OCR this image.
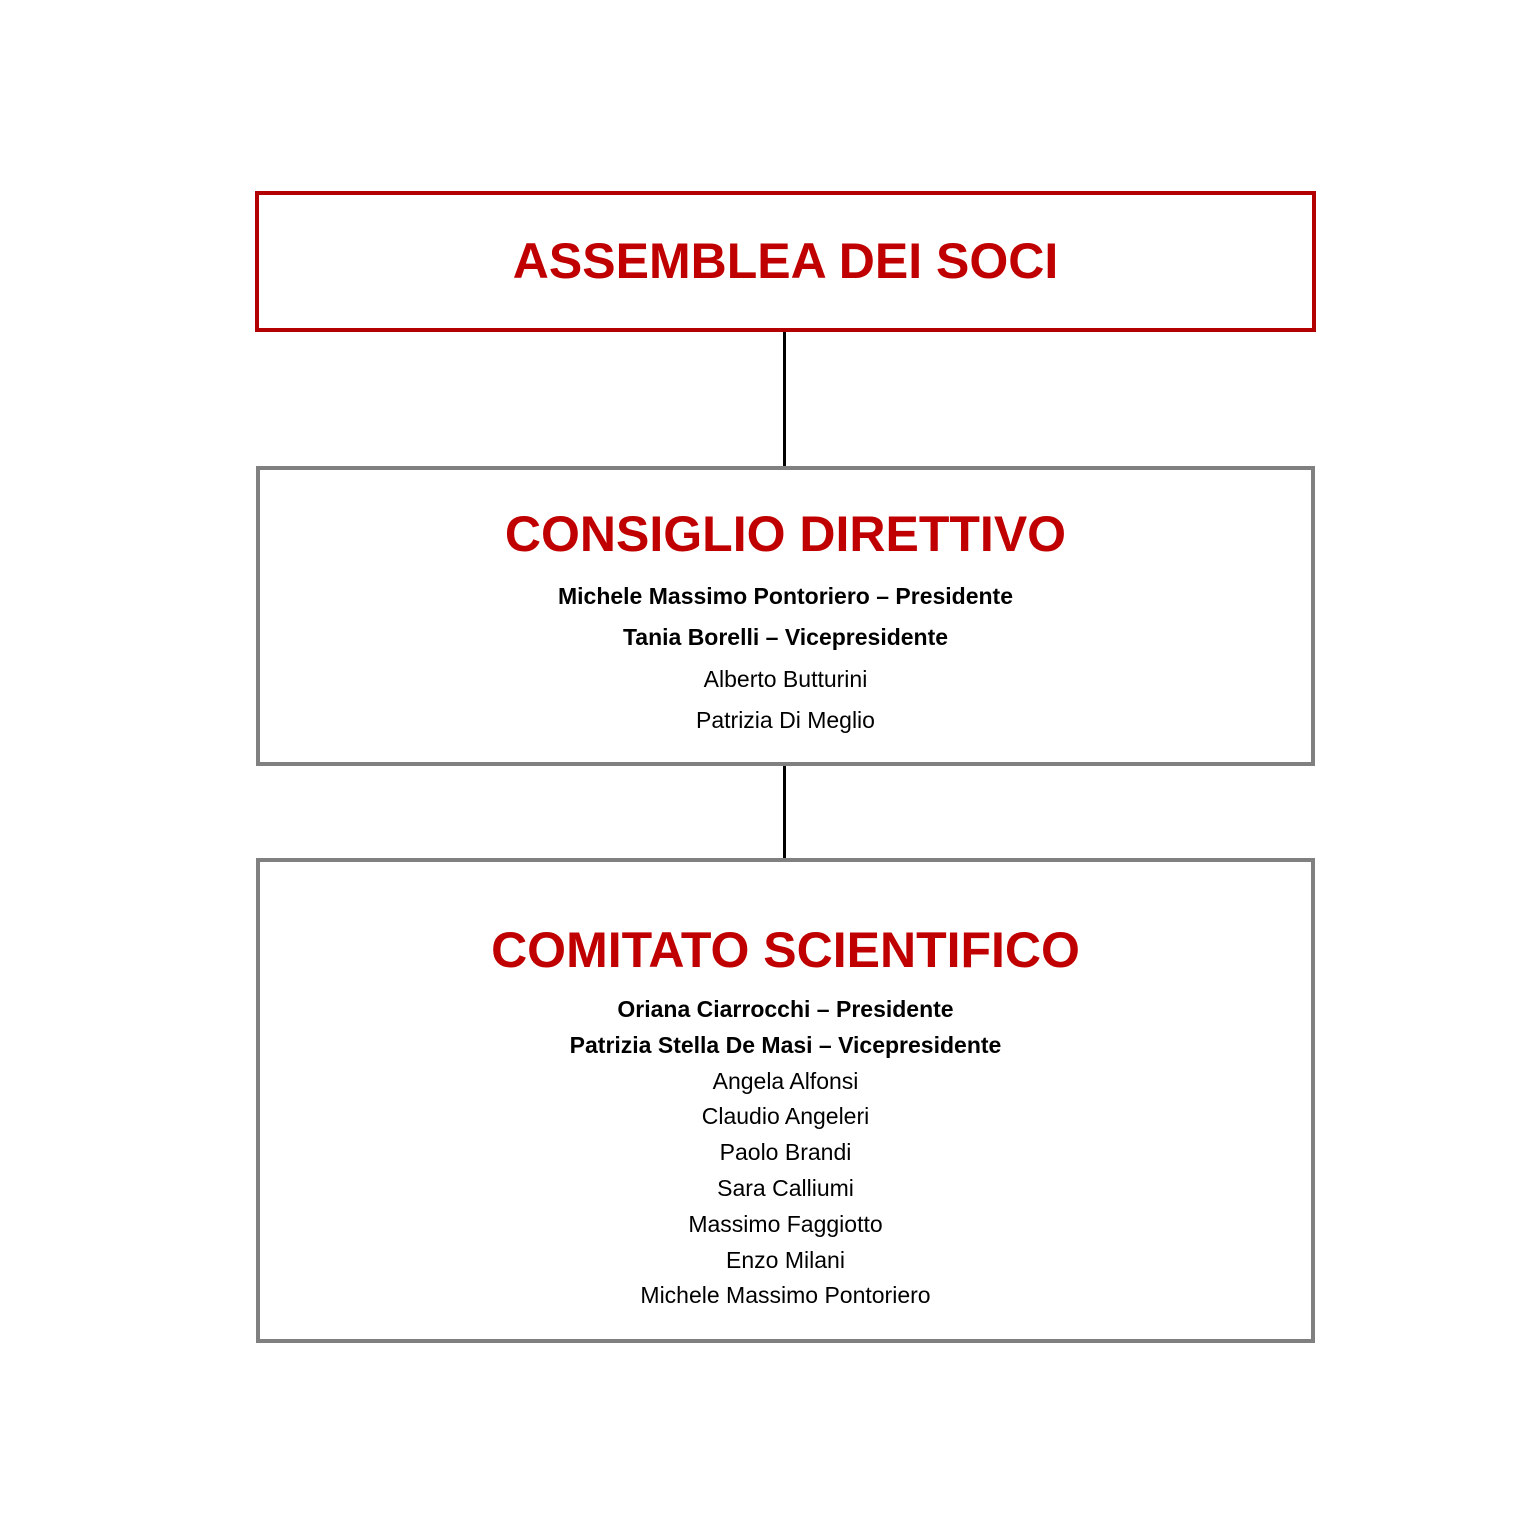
ASSEMBLEA DEI SOCI
CONSIGLIO DIRETTIVO
Michele Massimo Pontoriero – Presidente
Tania Borelli – Vicepresidente
Alberto Butturini
Patrizia Di Meglio
COMITATO SCIENTIFICO
Oriana Ciarrocchi – Presidente
Patrizia Stella De Masi – Vicepresidente
Angela Alfonsi
Claudio Angeleri
Paolo Brandi
Sara Calliumi
Massimo Faggiotto
Enzo Milani
Michele Massimo Pontoriero
